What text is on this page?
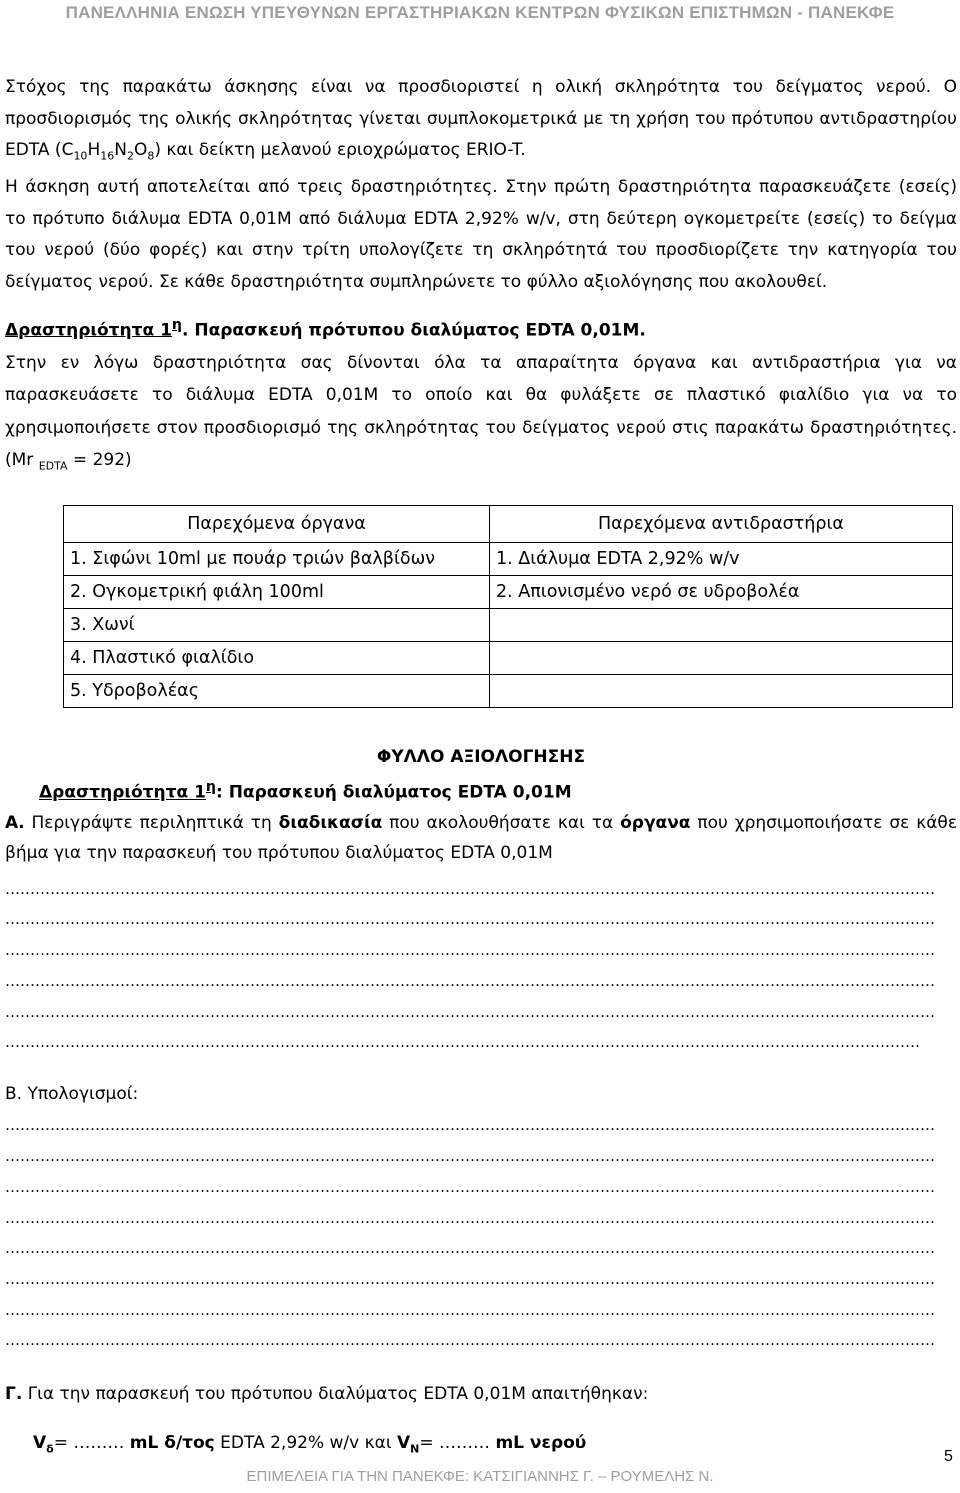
ΠΑΝΕΛΛΗΝΙΑ ΕΝΩΣΗ ΥΠΕΥΘΥΝΩΝ ΕΡΓΑΣΤΗΡΙΑΚΩΝ ΚΕΝΤΡΩΝ ΦΥΣΙΚΩΝ ΕΠΙΣΤΗΜΩΝ - ΠΑΝΕΚΦΕ

Στόχος της παρακάτω άσκησης είναι να προσδιοριστεί η ολική σκληρότητα του δείγματος νερού. Ο προσδιορισμός της ολικής σκληρότητας γίνεται συμπλοκομετρικά με τη χρήση του πρότυπου αντιδραστηρίου EDTA $(C_{10}H_{16}N_2O_8)$ και δείκτη μελανού εριοχρώματος ERIO-T.

Η άσκηση αυτή αποτελείται από τρεις δραστηριότητες. Στην πρώτη δραστηριότητα παρασκευάζετε (εσείς) το πρότυπο διάλυμα EDTA 0,01M από διάλυμα EDTA 2,92% w/v, στη δεύτερη ογκομετρείτε (εσείς) το δείγμα του νερού (δύο φορές) και στην τρίτη υπολογίζετε τη σκληρότητά του προσδιορίζετε την κατηγορία του δείγματος νερού. Σε κάθε δραστηριότητα συμπληρώνετε το φύλλο αξιολόγησης που ακολουθεί.

Δραστηριότητα $1^\eta$. Παρασκευή πρότυπου διαλύματος EDTA 0,01M.

Στην εν λόγω δραστηριότητα σας δίνονται όλα τα απαραίτητα όργανα και αντιδραστήρια για να παρασκευάσετε το διάλυμα EDTA 0,01M το οποίο και θα φυλάξετε σε πλαστικό φιαλίδιο για να το χρησιμοποιήσετε στον προσδιορισμό της σκληρότητας του δείγματος νερού στις παρακάτω δραστηριότητες. (Mr $_{EDTA}$ = 292)

Παρεχόμενα όργανα	Παρεχόμενα αντιδραστήρια
1. Σιφώνι 10ml με πουάρ τριών βαλβίδων	1. Διάλυμα EDTA 2,92% w/v
2. Ογκομετρική φιάλη 100ml	2. Απιονισμένο νερό σε υδροβολέα
3. Χωνί	
4. Πλαστικό φιαλίδιο	
5. Υδροβολέας	
ΦΥΛΛΟ ΑΞΙΟΛΟΓΗΣΗΣ
Δραστηριότητα $1^\eta$: Παρασκευή διαλύματος EDTA 0,01M

Α. Περιγράψτε περιληπτικά τη διαδικασία που ακολουθήσατε και τα όργανα που χρησιμοποιήσατε σε κάθε βήμα για την παρασκευή του πρότυπου διαλύματος EDTA 0,01M

……………………………………………………………………………………………………………………………………………………………………
……………………………………………………………………………………………………………………………………………………………………
……………………………………………………………………………………………………………………………………………………………………
……………………………………………………………………………………………………………………………………………………………………
……………………………………………………………………………………………………………………………………………………………………
…………………………………………………………………………………………………………………………………………………………………
Β. Υπολογισμοί:
……………………………………………………………………………………………………………………………………………………………………
……………………………………………………………………………………………………………………………………………………………………
……………………………………………………………………………………………………………………………………………………………………
……………………………………………………………………………………………………………………………………………………………………
……………………………………………………………………………………………………………………………………………………………………
……………………………………………………………………………………………………………………………………………………………………
……………………………………………………………………………………………………………………………………………………………………
……………………………………………………………………………………………………………………………………………………………………
Γ. Για την παρασκευή του πρότυπου διαλύματος EDTA 0,01M απαιτήθηκαν:
$V_\delta=$ ……… mL δ/τος EDTA 2,92% w/v και $V_N=$ ……… mL νερού
5
ΕΠΙΜΕΛΕΙΑ ΓΙΑ ΤΗΝ ΠΑΝΕΚΦΕ: ΚΑΤΣΙΓΙΑΝΝΗΣ Γ. – ΡΟΥΜΕΛΗΣ Ν.
